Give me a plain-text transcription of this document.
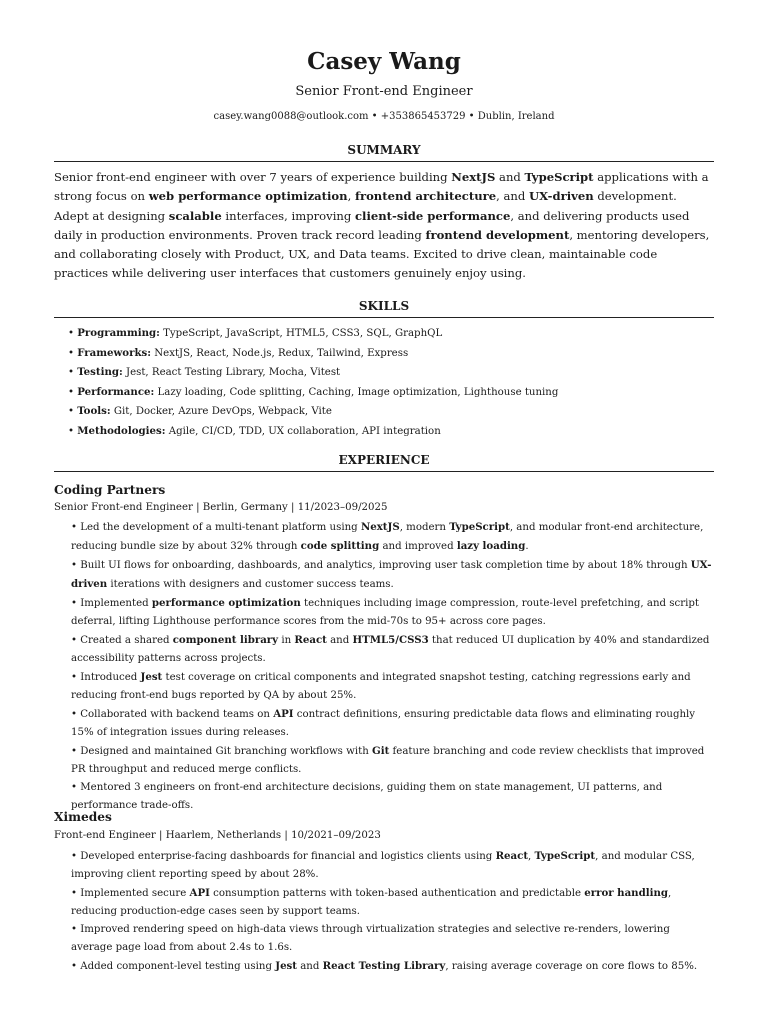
Casey Wang
Senior Front-end Engineer
casey.wang0088@outlook.com • +353865453729 • Dublin, Ireland
SUMMARY
Senior front-end engineer with over 7 years of experience building NextJS and TypeScript applications with a strong focus on web performance optimization, frontend architecture, and UX-driven development. Adept at designing scalable interfaces, improving client-side performance, and delivering products used daily in production environments. Proven track record leading frontend development, mentoring developers, and collaborating closely with Product, UX, and Data teams. Excited to drive clean, maintainable code practices while delivering user interfaces that customers genuinely enjoy using.
SKILLS
• Programming: TypeScript, JavaScript, HTML5, CSS3, SQL, GraphQL
• Frameworks: NextJS, React, Node.js, Redux, Tailwind, Express
• Testing: Jest, React Testing Library, Mocha, Vitest
• Performance: Lazy loading, Code splitting, Caching, Image optimization, Lighthouse tuning
• Tools: Git, Docker, Azure DevOps, Webpack, Vite
• Methodologies: Agile, CI/CD, TDD, UX collaboration, API integration
EXPERIENCE
Coding Partners
Senior Front-end Engineer | Berlin, Germany | 11/2023–09/2025
• Led the development of a multi-tenant platform using NextJS, modern TypeScript, and modular front-end architecture, reducing bundle size by about 32% through code splitting and improved lazy loading.
• Built UI flows for onboarding, dashboards, and analytics, improving user task completion time by about 18% through UX-driven iterations with designers and customer success teams.
• Implemented performance optimization techniques including image compression, route-level prefetching, and script deferral, lifting Lighthouse performance scores from the mid-70s to 95+ across core pages.
• Created a shared component library in React and HTML5/CSS3 that reduced UI duplication by 40% and standardized accessibility patterns across projects.
• Introduced Jest test coverage on critical components and integrated snapshot testing, catching regressions early and reducing front-end bugs reported by QA by about 25%.
• Collaborated with backend teams on API contract definitions, ensuring predictable data flows and eliminating roughly 15% of integration issues during releases.
• Designed and maintained Git branching workflows with Git feature branching and code review checklists that improved PR throughput and reduced merge conflicts.
• Mentored 3 engineers on front-end architecture decisions, guiding them on state management, UI patterns, and performance trade-offs.
Ximedes
Front-end Engineer | Haarlem, Netherlands | 10/2021–09/2023
• Developed enterprise-facing dashboards for financial and logistics clients using React, TypeScript, and modular CSS, improving client reporting speed by about 28%.
• Implemented secure API consumption patterns with token-based authentication and predictable error handling, reducing production-edge cases seen by support teams.
• Improved rendering speed on high-data views through virtualization strategies and selective re-renders, lowering average page load from about 2.4s to 1.6s.
• Added component-level testing using Jest and React Testing Library, raising average coverage on core flows to 85%.
